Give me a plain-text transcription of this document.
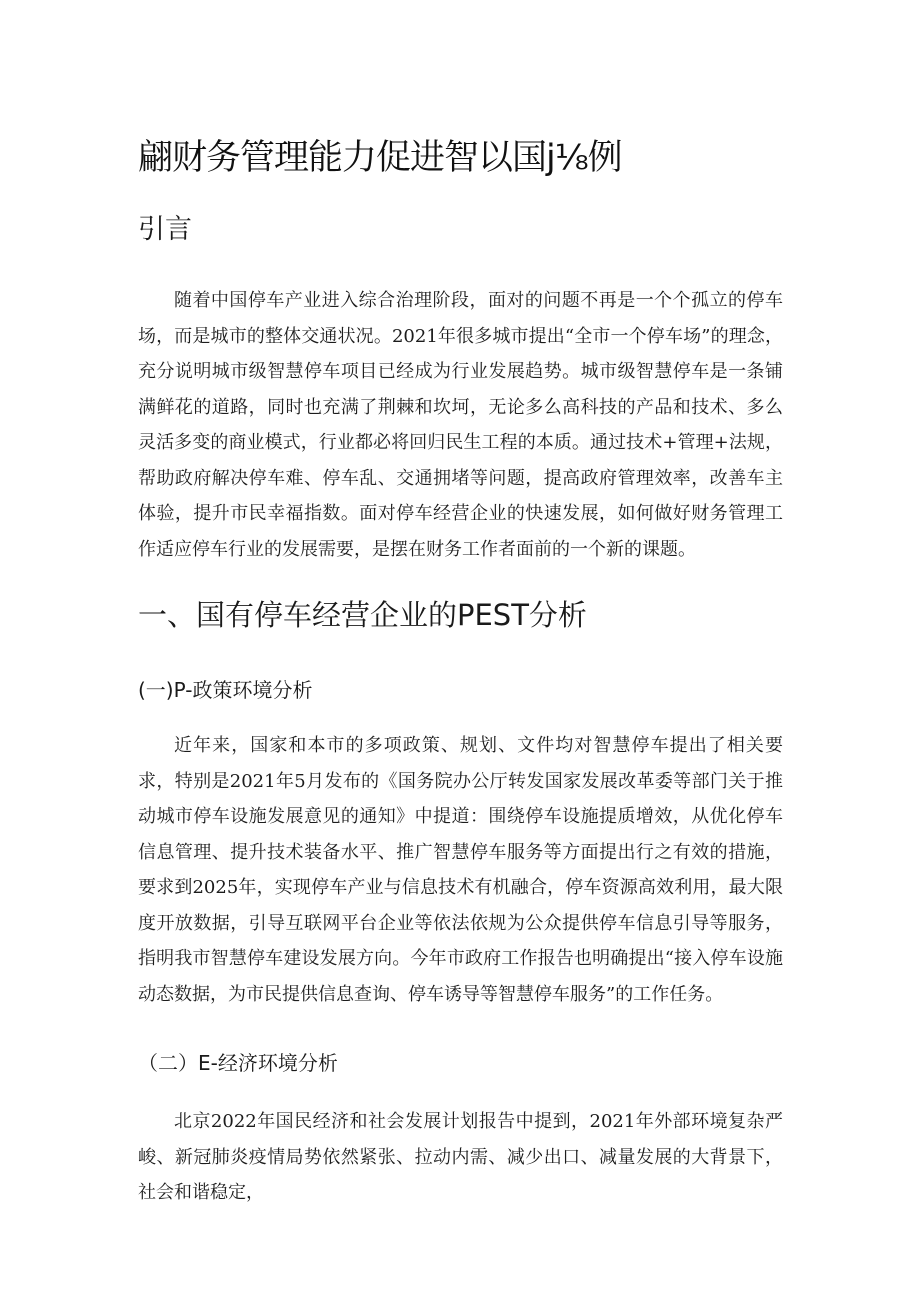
翩财务管理能力促进智以国j⅛例
引言

随着中国停车产业进入综合治理阶段，面对的问题不再是一个个孤立的停车场，而是城市的整体交通状况。2021年很多城市提出“全市一个停车场”的理念，充分说明城市级智慧停车项目已经成为行业发展趋势。城市级智慧停车是一条铺满鲜花的道路，同时也充满了荆棘和坎坷，无论多么高科技的产品和技术、多么灵活多变的商业模式，行业都必将回归民生工程的本质。通过技术+管理+法规，帮助政府解决停车难、停车乱、交通拥堵等问题，提高政府管理效率，改善车主体验，提升市民幸福指数。面对停车经营企业的快速发展，如何做好财务管理工作适应停车行业的发展需要，是摆在财务工作者面前的一个新的课题。

一、国有停车经营企业的PEST分析
(一)P-政策环境分析

近年来，国家和本市的多项政策、规划、文件均对智慧停车提出了相关要求，特别是2021年5月发布的《国务院办公厅转发国家发展改革委等部门关于推动城市停车设施发展意见的通知》中提道：围绕停车设施提质增效，从优化停车信息管理、提升技术装备水平、推广智慧停车服务等方面提出行之有效的措施，要求到2025年，实现停车产业与信息技术有机融合，停车资源高效利用，最大限度开放数据，引导互联网平台企业等依法依规为公众提供停车信息引导等服务，指明我市智慧停车建设发展方向。今年市政府工作报告也明确提出“接入停车设施动态数据，为市民提供信息查询、停车诱导等智慧停车服务”的工作任务。

（二）E-经济环境分析

北京2022年国民经济和社会发展计划报告中提到，2021年外部环境复杂严峻、新冠肺炎疫情局势依然紧张、拉动内需、减少出口、减量发展的大背景下，社会和谐稳定，
